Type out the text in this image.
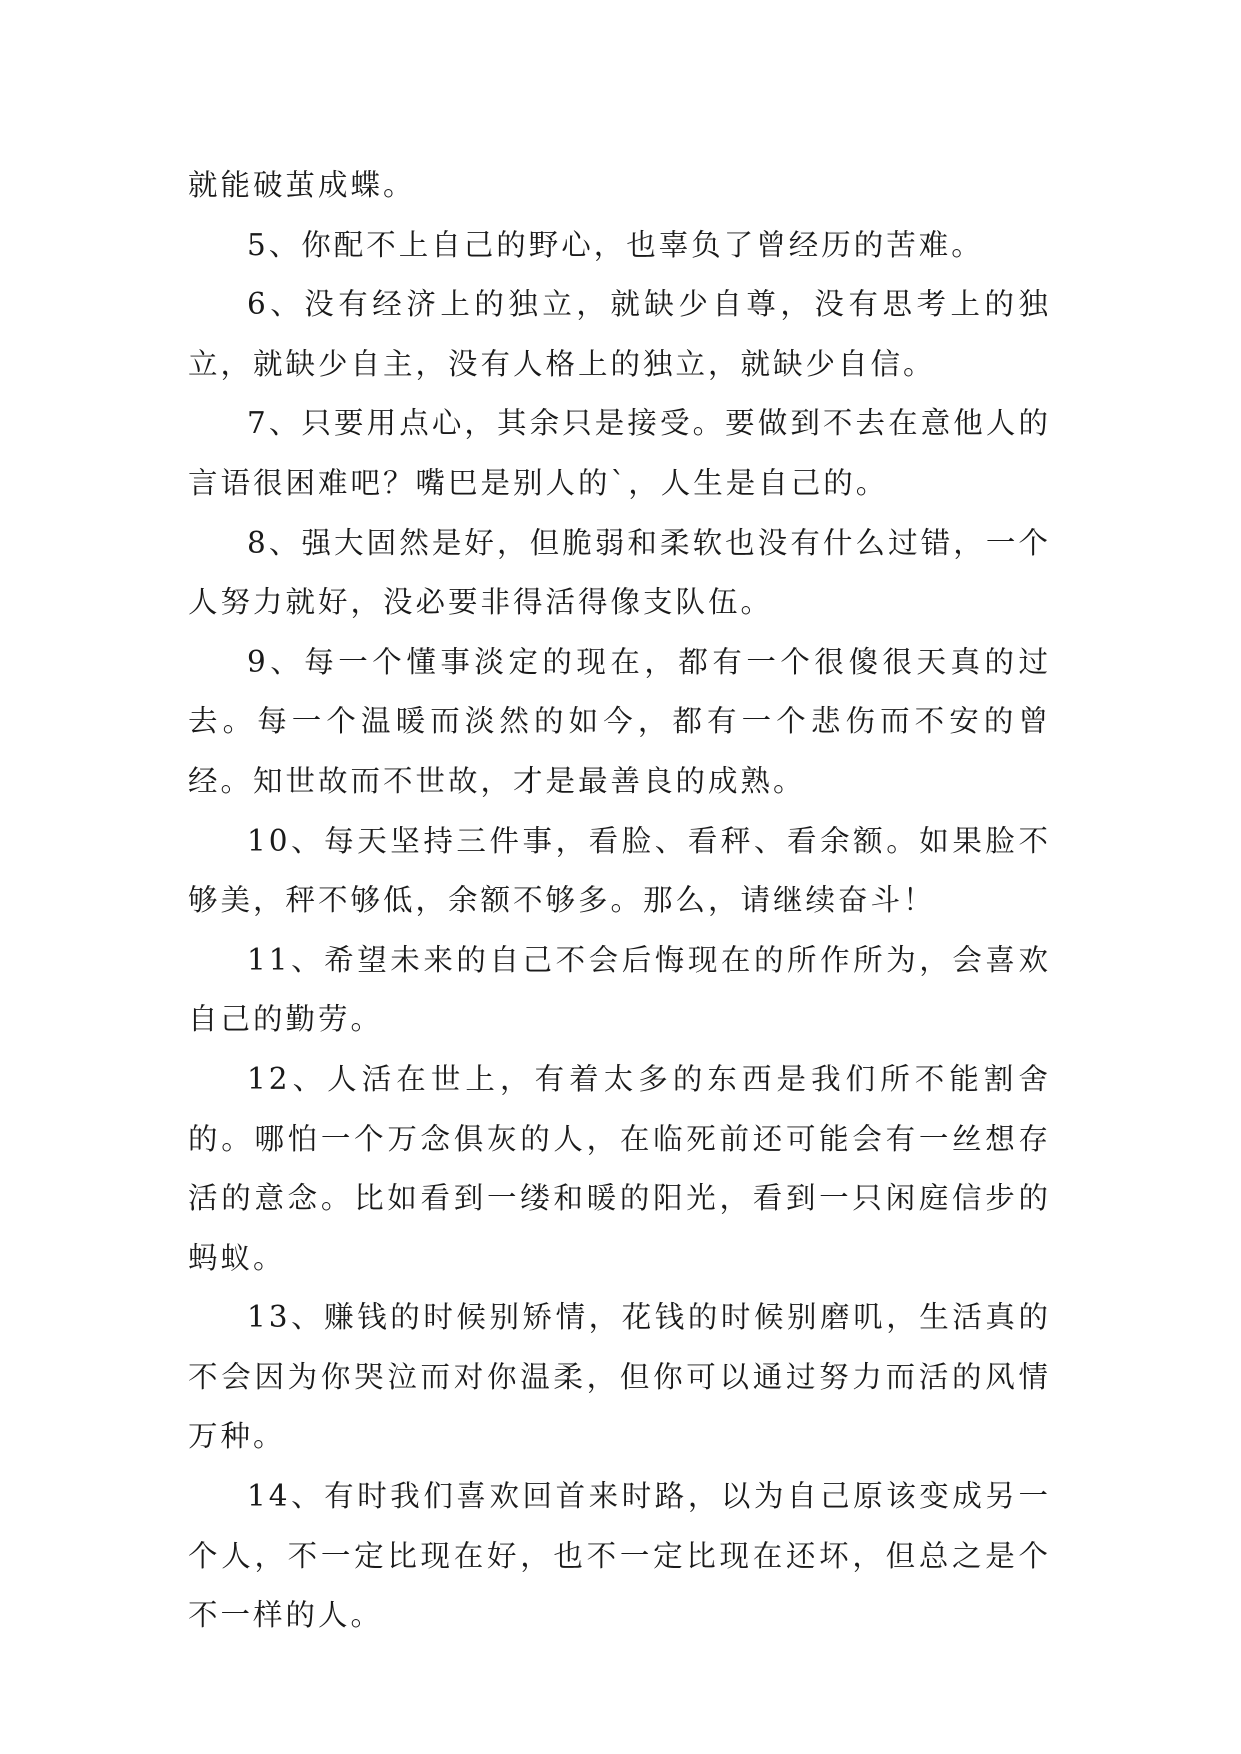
就能破茧成蝶。

5、你配不上自己的野心，也辜负了曾经历的苦难。

6、没有经济上的独立，就缺少自尊，没有思考上的独立，就缺少自主，没有人格上的独立，就缺少自信。

7、只要用点心，其余只是接受。要做到不去在意他人的言语很困难吧？嘴巴是别人的`，人生是自己的。

8、强大固然是好，但脆弱和柔软也没有什么过错，一个人努力就好，没必要非得活得像支队伍。

9、每一个懂事淡定的现在，都有一个很傻很天真的过去。每一个温暖而淡然的如今，都有一个悲伤而不安的曾经。知世故而不世故，才是最善良的成熟。

10、每天坚持三件事，看脸、看秤、看余额。如果脸不够美，秤不够低，余额不够多。那么，请继续奋斗！

11、希望未来的自己不会后悔现在的所作所为，会喜欢自己的勤劳。

12、人活在世上，有着太多的东西是我们所不能割舍的。哪怕一个万念俱灰的人，在临死前还可能会有一丝想存活的意念。比如看到一缕和暖的阳光，看到一只闲庭信步的蚂蚁。

13、赚钱的时候别矫情，花钱的时候别磨叽，生活真的不会因为你哭泣而对你温柔，但你可以通过努力而活的风情万种。

14、有时我们喜欢回首来时路，以为自己原该变成另一个人，不一定比现在好，也不一定比现在还坏，但总之是个不一样的人。
